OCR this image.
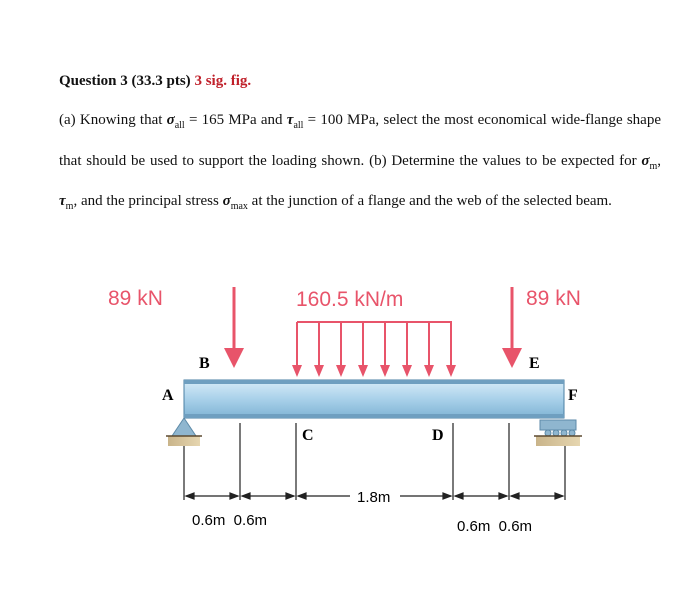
Question 3 (33.3 pts) 3 sig. fig.
(a) Knowing that $\sigma_{all} = 165$ MPa and $\tau_{all} = 100$ MPa, select the most economical wide-flange shape that should be used to support the loading shown. (b) Determine the values to be expected for $\sigma_m$, $\tau_m$, and the principal stress $\sigma_{max}$ at the junction of a flange and the web of the selected beam.
89 kN	89 kN
160.5 kN/m
B	E
A	F
C	D
1.8m
0.6m  0.6m	0.6m  0.6m
